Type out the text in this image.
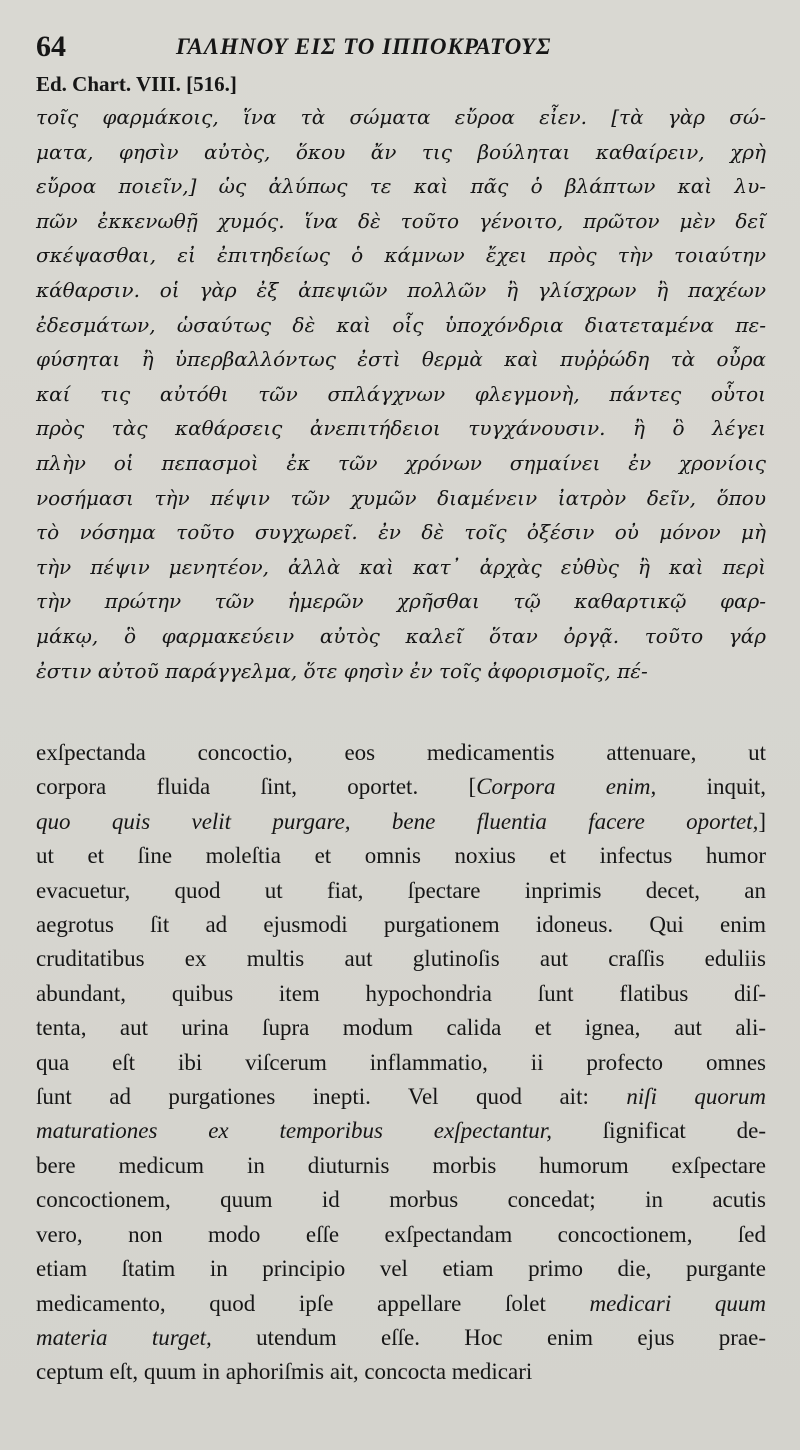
64	ΓΑΛΗΝΟΥ ΕΙΣ ΤΟ ΙΠΠΟΚΡΑΤΟΥΣ
Ed. Chart. VIII. [516.]
τοῖς φαρμάκοις, ἵνα τὰ σώματα εὔροα εἶεν. [τὰ γὰρ σώ-
ματα, φησὶν αὐτὸς, ὅκου ἄν τις βούληται καθαίρειν, χρὴ
εὔροα ποιεῖν,] ὡς ἀλύπως τε καὶ πᾶς ὁ βλάπτων καὶ λυ-
πῶν ἐκκενωθῇ χυμός. ἵνα δὲ τοῦτο γένοιτο, πρῶτον μὲν δεῖ
σκέψασθαι, εἰ ἐπιτηδείως ὁ κάμνων ἔχει πρὸς τὴν τοιαύτην
κάθαρσιν. οἱ γὰρ ἐξ ἀπεψιῶν πολλῶν ἢ γλίσχρων ἢ παχέων
ἐδεσμάτων, ὡσαύτως δὲ καὶ οἷς ὑποχόνδρια διατεταμένα πε-
φύσηται ἢ ὑπερβαλλόντως ἐστὶ θερμὰ καὶ πυῤῥώδη τὰ οὖρα
καί τις αὐτόθι τῶν σπλάγχνων φλεγμονὴ, πάντες οὗτοι
πρὸς τὰς καθάρσεις ἀνεπιτήδειοι τυγχάνουσιν. ἢ ὃ λέγει
πλὴν οἱ πεπασμοὶ ἐκ τῶν χρόνων σημαίνει ἐν χρονίοις
νοσήμασι τὴν πέψιν τῶν χυμῶν διαμένειν ἰατρὸν δεῖν, ὅπου
τὸ νόσημα τοῦτο συγχωρεῖ. ἐν δὲ τοῖς ὀξέσιν οὐ μόνον μὴ
τὴν πέψιν μενητέον, ἀλλὰ καὶ κατ᾽ ἀρχὰς εὐθὺς ἢ καὶ περὶ
τὴν πρώτην τῶν ἡμερῶν χρῆσθαι τῷ καθαρτικῷ φαρ-
μάκῳ, ὃ φαρμακεύειν αὐτὸς καλεῖ ὅταν ὀργᾷ. τοῦτο γάρ
ἐστιν αὐτοῦ παράγγελμα, ὅτε φησὶν ἐν τοῖς ἀφορισμοῖς, πέ-
exſpectanda concoctio, eos medicamentis attenuare, ut
corpora fluida ſint, oportet. [Corpora enim, inquit,
quo quis velit purgare, bene fluentia facere oportet,]
ut et ſine moleſtia et omnis noxius et infectus humor
evacuetur, quod ut fiat, ſpectare inprimis decet, an
aegrotus ſit ad ejusmodi purgationem idoneus. Qui enim
cruditatibus ex multis aut glutinoſis aut craſſis eduliis
abundant, quibus item hypochondria ſunt flatibus diſ-
tenta, aut urina ſupra modum calida et ignea, aut ali-
qua eſt ibi viſcerum inflammatio, ii profecto omnes
ſunt ad purgationes inepti. Vel quod ait: niſi quorum
maturationes ex temporibus exſpectantur, ſignificat de-
bere medicum in diuturnis morbis humorum exſpectare
concoctionem, quum id morbus concedat; in acutis
vero, non modo eſſe exſpectandam concoctionem, ſed
etiam ſtatim in principio vel etiam primo die, purgante
medicamento, quod ipſe appellare ſolet medicari quum
materia turget, utendum eſſe. Hoc enim ejus prae-
ceptum eſt, quum in aphoriſmis ait, concocta medicari
